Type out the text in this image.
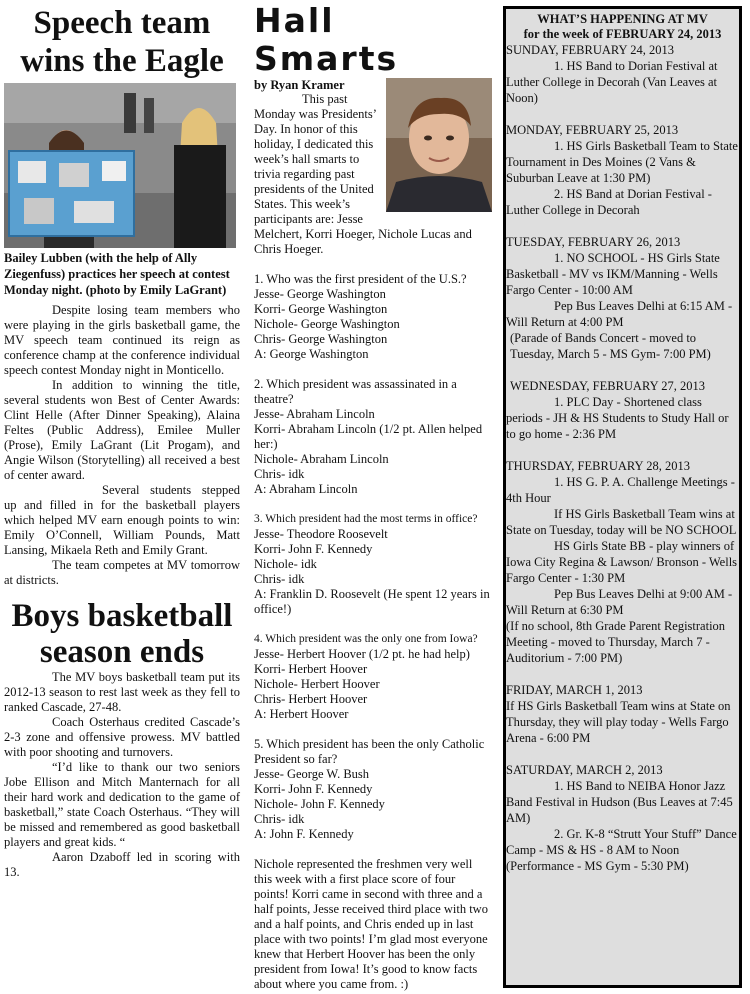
Speech team wins the Eagle

Bailey Lubben (with the help of Ally Ziegenfuss) practices her speech at contest Monday night. (photo by Emily LaGrant)

Despite losing team members who were playing in the girls basketball game, the MV speech team continued its reign as conference champ at the conference individual speech contest Monday night in Monticello.

In addition to winning the title, several students won Best of Center Awards: Clint Helle (After Dinner Speaking), Alaina Feltes (Public Address), Emilee Muller (Prose), Emily LaGrant (Lit Progam), and Angie Wilson (Storytelling) all received a best of center award.

Several students stepped up and filled in for the basketball players which helped MV earn enough points to win: Emily O’Connell, William Pounds, Matt Lansing, Mikaela Reth and Emily Grant.

The team competes at MV tomorrow at districts.

Boys basketball season ends

The MV boys basketball team put its 2012-13 season to rest last week as they fell to ranked Cascade, 27-48.

Coach Osterhaus credited Cascade’s 2-3 zone and offensive prowess. MV battled with poor shooting and turnovers.

“I’d like to thank our two seniors Jobe Ellison and Mitch Manternach for all their hard work and dedication to the game of basketball,” state Coach Osterhaus. “They will be missed and remembered as good basketball players and great kids. “

Aaron Dzaboff led in scoring with 13.

Hall Smarts

by Ryan Kramer

This past Monday was Presidents’ Day. In honor of this holiday, I dedicated this week’s hall smarts to trivia regarding past presidents of the United States. This week’s participants are: Jesse Melchert, Korri Hoeger, Nichole Lucas and Chris Hoeger.

1. Who was the first president of the U.S.?

Jesse- George Washington

Korri- George Washington

Nichole- George Washington

Chris- George Washington

A: George Washington

2. Which president was assassinated in a theatre?

Jesse- Abraham Lincoln

Korri- Abraham Lincoln (1/2 pt. Allen helped her:)

Nichole- Abraham Lincoln

Chris- idk

A: Abraham Lincoln

3. Which president had the most terms in office?

Jesse- Theodore Roosevelt

Korri- John F. Kennedy

Nichole- idk

Chris- idk

A: Franklin D. Roosevelt (He spent 12 years in office!)

4. Which president was the only one from Iowa?

Jesse- Herbert Hoover (1/2 pt. he had help)

Korri- Herbert Hoover

Nichole- Herbert Hoover

Chris- Herbert Hoover

A: Herbert Hoover

5. Which president has been the only Catholic President so far?

Jesse- George W. Bush

Korri- John F. Kennedy

Nichole- John F. Kennedy

Chris- idk

A: John F. Kennedy

Nichole represented the freshmen very well this week with a first place score of four points! Korri came in second with three and a half points, Jesse received third place with two and a half points, and Chris ended up in last place with two points! I’m glad most everyone knew that Herbert Hoover has been the only president from Iowa! It’s good to know facts about where you came from. :)

WHAT’S HAPPENING AT MV
for the week of FEBRUARY 24, 2013

SUNDAY, FEBRUARY 24, 2013

1. HS Band to Dorian Festival at Luther College in Decorah (Van Leaves at Noon)

MONDAY, FEBRUARY 25, 2013

1. HS Girls Basketball Team to State Tournament in Des Moines (2 Vans & Suburban Leave at 1:30 PM)

2. HS Band at Dorian Festival - Luther College in Decorah

TUESDAY, FEBRUARY 26, 2013

1. NO SCHOOL - HS Girls State Basketball - MV vs IKM/Manning - Wells Fargo Center - 10:00 AM

Pep Bus Leaves Delhi at 6:15 AM - Will Return at 4:00 PM

(Parade of Bands Concert - moved to Tuesday, March 5 - MS Gym- 7:00 PM)

WEDNESDAY, FEBRUARY 27, 2013

1. PLC Day - Shortened class periods - JH & HS Students to Study Hall or to go home - 2:36 PM

THURSDAY, FEBRUARY 28, 2013

1. HS G. P. A. Challenge Meetings - 4th Hour

If HS Girls Basketball Team wins at State on Tuesday, today will be NO SCHOOL

HS Girls State BB - play winners of Iowa City Regina & Lawson/ Bronson - Wells Fargo Center - 1:30 PM

Pep Bus Leaves Delhi at 9:00 AM - Will Return at 6:30 PM

(If no school, 8th Grade Parent Registration Meeting - moved to Thursday, March 7 - Auditorium - 7:00 PM)

FRIDAY, MARCH 1, 2013

If HS Girls Basketball Team wins at State on Thursday, they will play today - Wells Fargo Arena - 6:00 PM

SATURDAY, MARCH 2, 2013

1. HS Band to NEIBA Honor Jazz Band Festival in Hudson (Bus Leaves at 7:45 AM)

2. Gr. K-8 “Strutt Your Stuff” Dance Camp - MS & HS - 8 AM to Noon (Performance - MS Gym - 5:30 PM)
